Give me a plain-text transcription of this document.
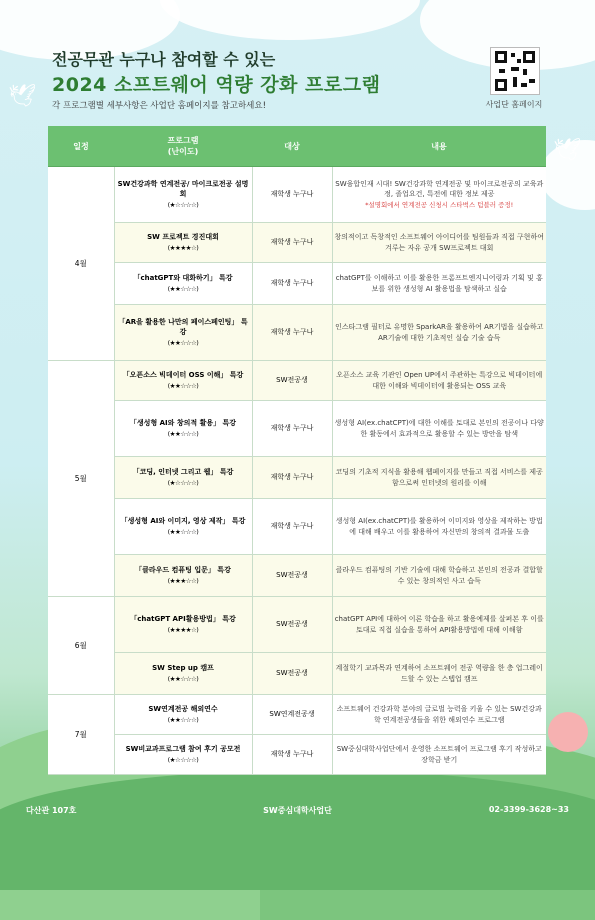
🕊
🕊
전공무관 누구나 참여할 수 있는
2024 소프트웨어 역량 강화 프로그램
각 프로그램별 세부사항은 사업단 홈페이지를 참고하세요!	사업단 홈페이지
일정	프로그램
(난이도)	대상	내용
4월	SW건강과학 연계전공/ 마이크로전공 설명회
(★☆☆☆☆)	재학생 누구나	SW융합인재 시대! SW건강과학 연계전공 및 마이크로전공의 교육과정, 졸업요건, 특전에 대한 정보 제공
*설명회에서 연계전공 신청시 스타벅스 텀블러 증정!

	SW 프로젝트 경진대회
(★★★★☆)	재학생 누구나	창의적이고 독창적인 소프트웨어 아이디어를 팀원들과 직접 구현하여 겨루는 자유 공개 SW프로젝트 대회
	「chatGPT와 대화하기」 특강
(★★☆☆☆)	재학생 누구나	chatGPT를 이해하고 이를 활용한 프롬프트엔지니어링과 기획 및 홍보를 위한 생성형 AI 활용법을 탐색하고 실습
	「AR을 활용한 나만의 페이스페인팅」 특강
(★★☆☆☆)	재학생 누구나	인스타그램 필터로 유명한 SparkAR을 활용하여 AR기법을 실습하고 AR기술에 대한 기초적인 실습 기술 습득
5월	「오픈소스 빅데이터 OSS 이해」 특강
(★★☆☆☆)	SW전공생	오픈소스 교육 기관인 Open UP에서 주관하는 특강으로 빅데이터에 대한 이해와 빅데이터에 활용되는 OSS 교육
	「생성형 AI와 창의적 활용」 특강
(★★☆☆☆)	재학생 누구나	생성형 AI(ex.chatCPT)에 대한 이해를 토대로 본인의 전공이나 다양한 활동에서 효과적으로 활용할 수 있는 방안을 탐색
	「코딩, 인터넷 그리고 웹」 특강
(★☆☆☆☆)	재학생 누구나	코딩의 기초적 지식을 활용해 웹페이지를 만들고 직접 서비스를 제공함으로써 인터넷의 원리를 이해
	「생성형 AI와 이미지, 영상 제작」 특강
(★★☆☆☆)	재학생 누구나	생성형 AI(ex.chatCPT)를 활용하여 이미지와 영상을 제작하는 방법에 대해 배우고 이를 활용하여 자신만의 창의적 결과물 도출
	「클라우드 컴퓨팅 입문」 특강
(★★★☆☆)	SW전공생	클라우드 컴퓨팅의 기반 기술에 대해 학습하고 본인의 전공과 결합할 수 있는 창의적인 사고 습득
6월	「chatGPT API활용방법」 특강
(★★★★☆)	SW전공생	chatGPT API에 대하여 이론 학습을 하고 활용예제를 살펴본 후 이를 토대로 직접 실습을 통하여 API활용방법에 대해 이해함
	SW Step up 캠프
(★★☆☆☆)	SW전공생	계절학기 교과목과 연계하여 소프트웨어 전공 역량을 한 층 업그레이드할 수 있는 스텝업 캠프
7월	SW연계전공 해외연수
(★★☆☆☆)	SW연계전공생	소프트웨어 건강과학 분야의 글로벌 능력을 키울 수 있는 SW건강과학 연계전공생들을 위한 해외연수 프로그램
	SW비교과프로그램 참여 후기 공모전
(★☆☆☆☆)	재학생 누구나	SW중심대학사업단에서 운영한 소프트웨어 프로그램 후기 작성하고 장학금 받기
다산관 107호	SW중심대학사업단	02-3399-3628~33
